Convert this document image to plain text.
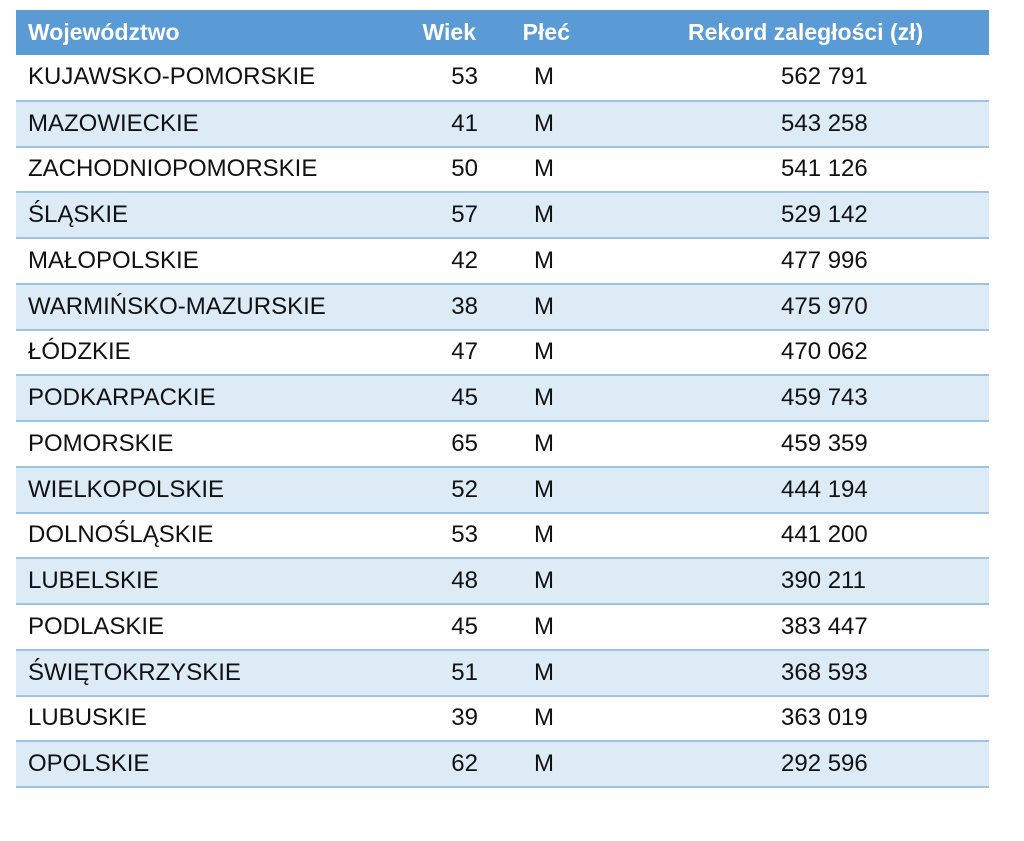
Województwo	Wiek	Płeć	Rekord zaległości (zł)
KUJAWSKO-POMORSKIE	53	M	562 791
MAZOWIECKIE	41	M	543 258
ZACHODNIOPOMORSKIE	50	M	541 126
ŚLĄSKIE	57	M	529 142
MAŁOPOLSKIE	42	M	477 996
WARMIŃSKO-MAZURSKIE	38	M	475 970
ŁÓDZKIE	47	M	470 062
PODKARPACKIE	45	M	459 743
POMORSKIE	65	M	459 359
WIELKOPOLSKIE	52	M	444 194
DOLNOŚLĄSKIE	53	M	441 200
LUBELSKIE	48	M	390 211
PODLASKIE	45	M	383 447
ŚWIĘTOKRZYSKIE	51	M	368 593
LUBUSKIE	39	M	363 019
OPOLSKIE	62	M	292 596
